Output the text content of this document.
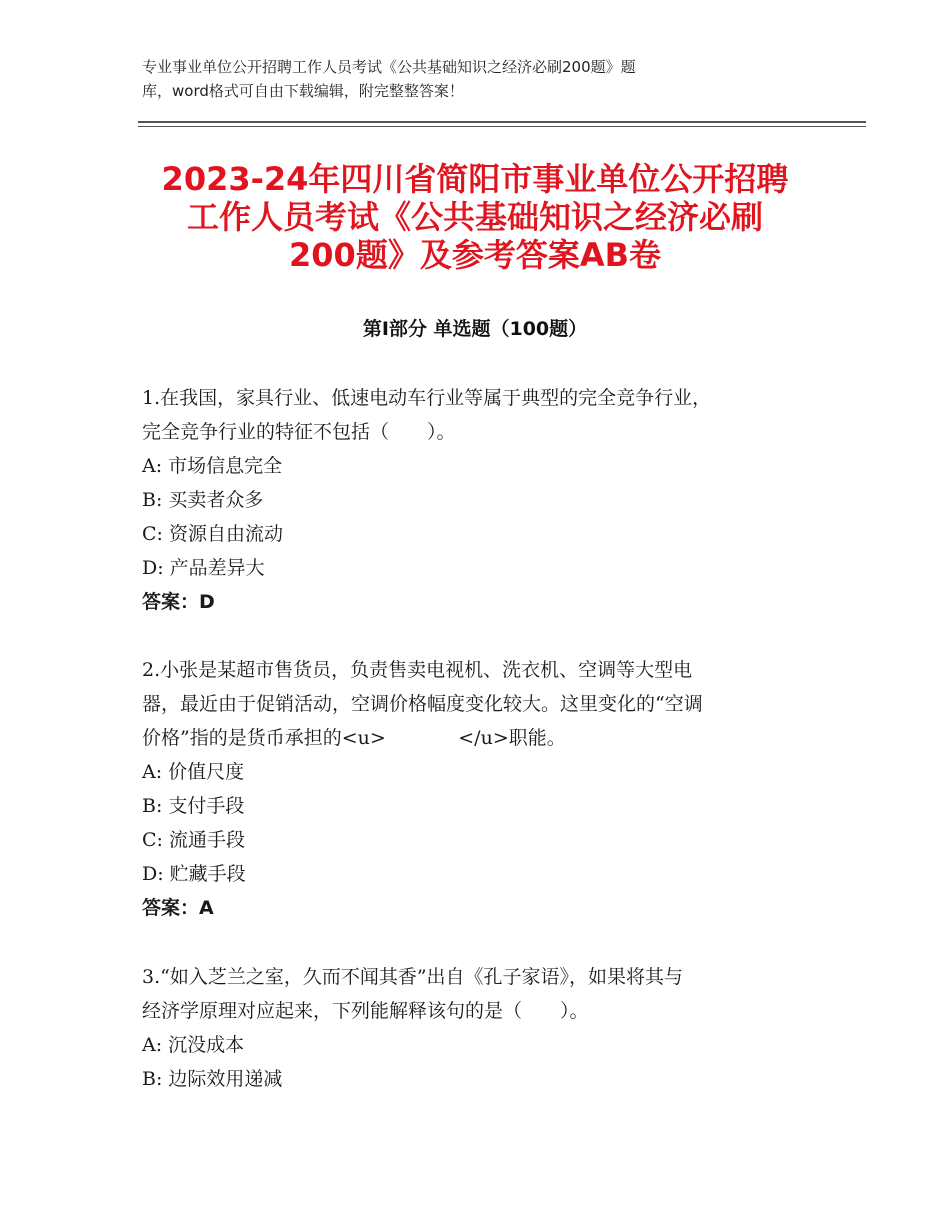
专业事业单位公开招聘工作人员考试《公共基础知识之经济必刷200题》题
库，word格式可自由下载编辑，附完整整答案！
2023-24年四川省简阳市事业单位公开招聘
工作人员考试《公共基础知识之经济必刷
200题》及参考答案AB卷
第Ⅰ部分 单选题（100题）

1.在我国，家具行业、低速电动车行业等属于典型的完全竞争行业，

完全竞争行业的特征不包括（　　）。

A: 市场信息完全

B: 买卖者众多

C: 资源自由流动

D: 产品差异大

答案：D

2.小张是某超市售货员，负责售卖电视机、洗衣机、空调等大型电

器，最近由于促销活动，空调价格幅度变化较大。这里变化的“空调

价格”指的是货币承担的<u>            </u>职能。

A: 价值尺度

B: 支付手段

C: 流通手段

D: 贮藏手段

答案：A

3.“如入芝兰之室，久而不闻其香”出自《孔子家语》，如果将其与

经济学原理对应起来，下列能解释该句的是（　　）。

A: 沉没成本

B: 边际效用递减
